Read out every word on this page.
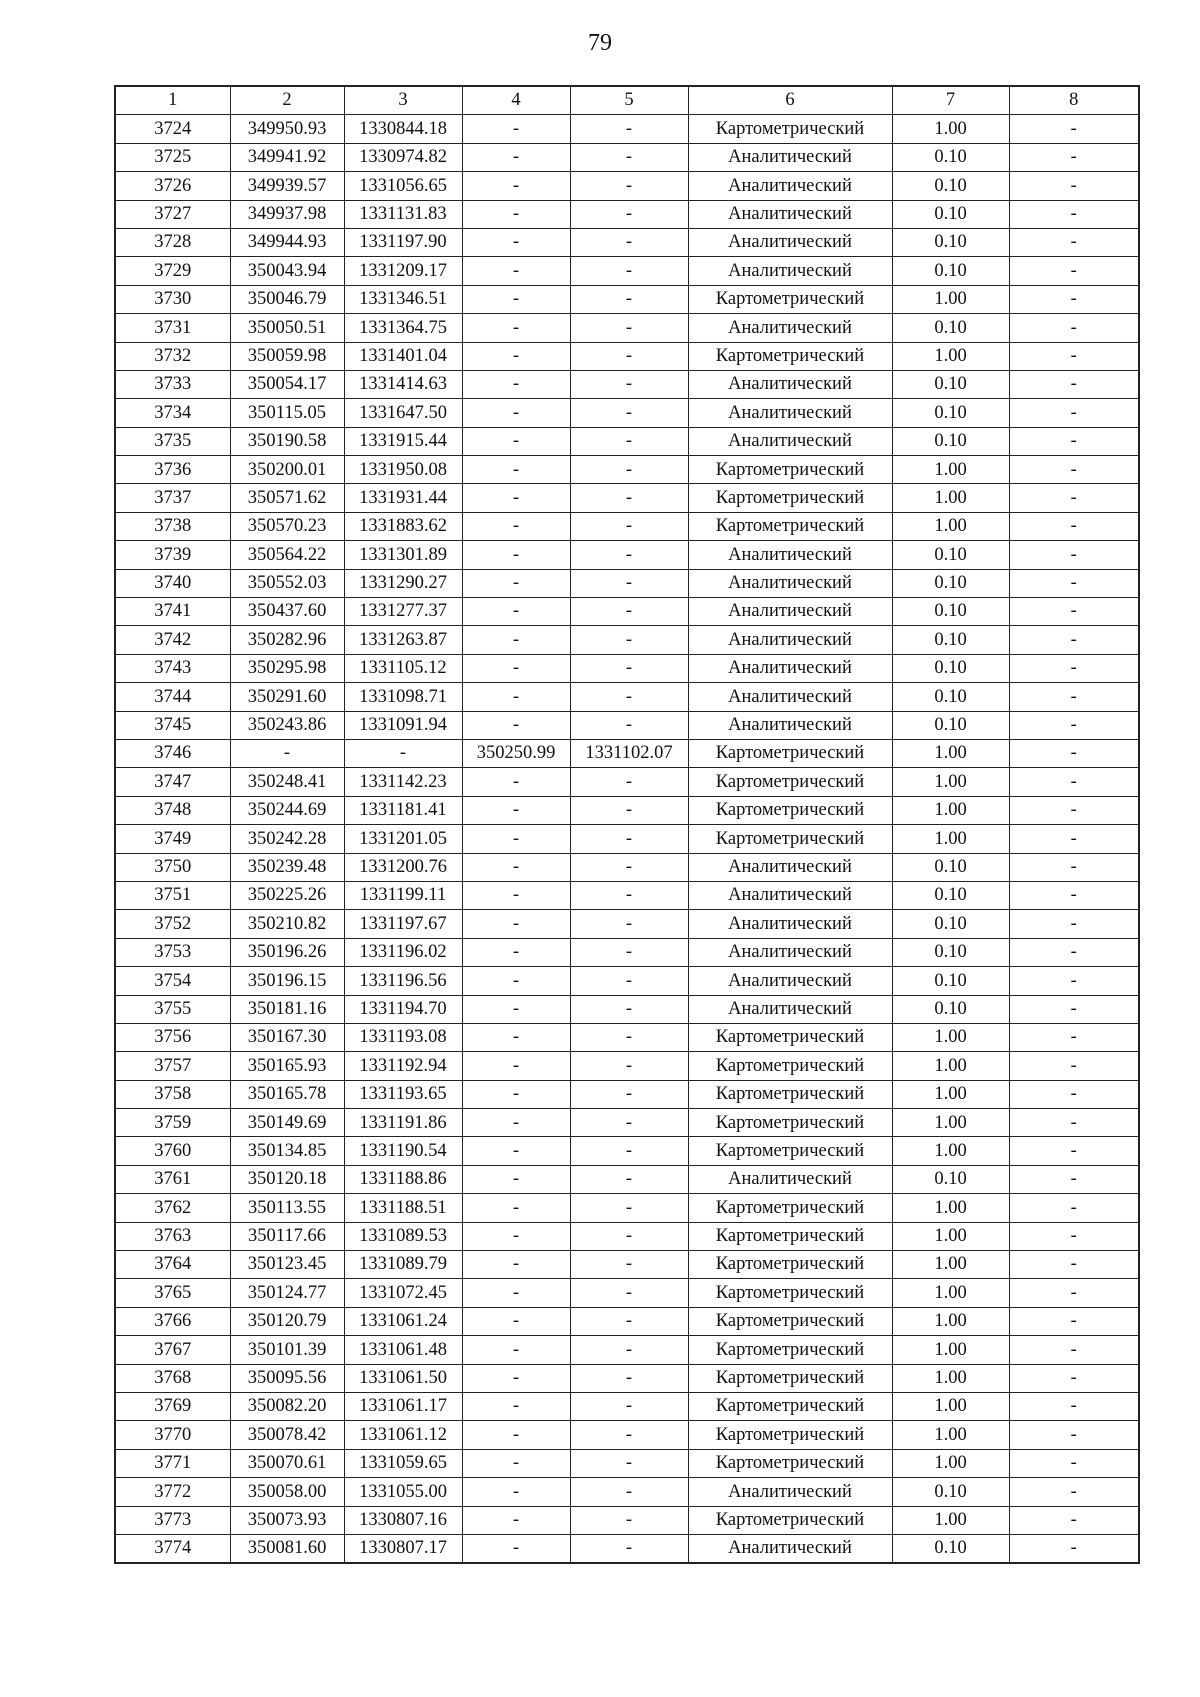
79
1	2	3	4	5	6	7	8
3724	349950.93	1330844.18	-	-	Картометрический	1.00	-
3725	349941.92	1330974.82	-	-	Аналитический	0.10	-
3726	349939.57	1331056.65	-	-	Аналитический	0.10	-
3727	349937.98	1331131.83	-	-	Аналитический	0.10	-
3728	349944.93	1331197.90	-	-	Аналитический	0.10	-
3729	350043.94	1331209.17	-	-	Аналитический	0.10	-
3730	350046.79	1331346.51	-	-	Картометрический	1.00	-
3731	350050.51	1331364.75	-	-	Аналитический	0.10	-
3732	350059.98	1331401.04	-	-	Картометрический	1.00	-
3733	350054.17	1331414.63	-	-	Аналитический	0.10	-
3734	350115.05	1331647.50	-	-	Аналитический	0.10	-
3735	350190.58	1331915.44	-	-	Аналитический	0.10	-
3736	350200.01	1331950.08	-	-	Картометрический	1.00	-
3737	350571.62	1331931.44	-	-	Картометрический	1.00	-
3738	350570.23	1331883.62	-	-	Картометрический	1.00	-
3739	350564.22	1331301.89	-	-	Аналитический	0.10	-
3740	350552.03	1331290.27	-	-	Аналитический	0.10	-
3741	350437.60	1331277.37	-	-	Аналитический	0.10	-
3742	350282.96	1331263.87	-	-	Аналитический	0.10	-
3743	350295.98	1331105.12	-	-	Аналитический	0.10	-
3744	350291.60	1331098.71	-	-	Аналитический	0.10	-
3745	350243.86	1331091.94	-	-	Аналитический	0.10	-
3746	-	-	350250.99	1331102.07	Картометрический	1.00	-
3747	350248.41	1331142.23	-	-	Картометрический	1.00	-
3748	350244.69	1331181.41	-	-	Картометрический	1.00	-
3749	350242.28	1331201.05	-	-	Картометрический	1.00	-
3750	350239.48	1331200.76	-	-	Аналитический	0.10	-
3751	350225.26	1331199.11	-	-	Аналитический	0.10	-
3752	350210.82	1331197.67	-	-	Аналитический	0.10	-
3753	350196.26	1331196.02	-	-	Аналитический	0.10	-
3754	350196.15	1331196.56	-	-	Аналитический	0.10	-
3755	350181.16	1331194.70	-	-	Аналитический	0.10	-
3756	350167.30	1331193.08	-	-	Картометрический	1.00	-
3757	350165.93	1331192.94	-	-	Картометрический	1.00	-
3758	350165.78	1331193.65	-	-	Картометрический	1.00	-
3759	350149.69	1331191.86	-	-	Картометрический	1.00	-
3760	350134.85	1331190.54	-	-	Картометрический	1.00	-
3761	350120.18	1331188.86	-	-	Аналитический	0.10	-
3762	350113.55	1331188.51	-	-	Картометрический	1.00	-
3763	350117.66	1331089.53	-	-	Картометрический	1.00	-
3764	350123.45	1331089.79	-	-	Картометрический	1.00	-
3765	350124.77	1331072.45	-	-	Картометрический	1.00	-
3766	350120.79	1331061.24	-	-	Картометрический	1.00	-
3767	350101.39	1331061.48	-	-	Картометрический	1.00	-
3768	350095.56	1331061.50	-	-	Картометрический	1.00	-
3769	350082.20	1331061.17	-	-	Картометрический	1.00	-
3770	350078.42	1331061.12	-	-	Картометрический	1.00	-
3771	350070.61	1331059.65	-	-	Картометрический	1.00	-
3772	350058.00	1331055.00	-	-	Аналитический	0.10	-
3773	350073.93	1330807.16	-	-	Картометрический	1.00	-
3774	350081.60	1330807.17	-	-	Аналитический	0.10	-
